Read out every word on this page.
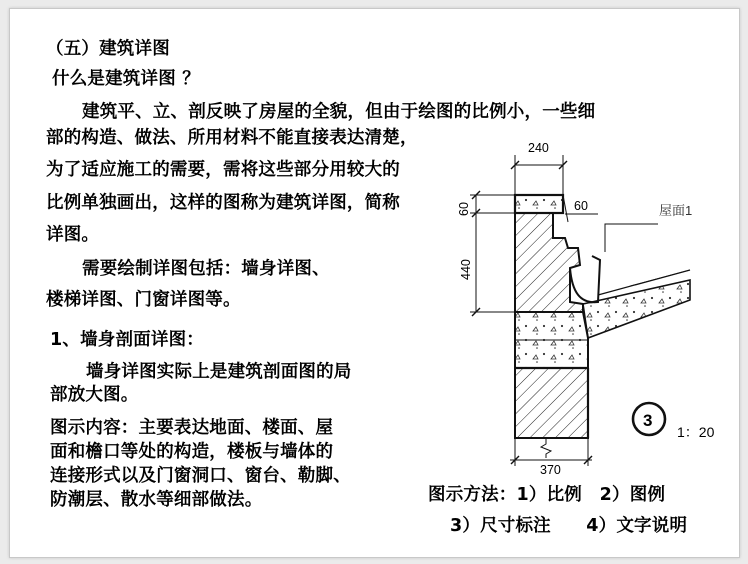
（五）建筑详图
什么是建筑详图 ？
建筑平、立、剖反映了房屋的全貌，但由于绘图的比例小，一些细
部的构造、做法、所用材料不能直接表达清楚，
为了适应施工的需要，需将这些部分用较大的
比例单独画出，这样的图称为建筑详图，简称
详图。
需要绘制详图包括：墙身详图、
楼梯详图、门窗详图等。
1、墙身剖面详图：
墙身详图实际上是建筑剖面图的局
部放大图。
图示内容：主要表达地面、楼面、屋
面和檐口等处的构造，楼板与墙体的
连接形式以及门窗洞口、窗台、勒脚、
防潮层、散水等细部做法。	图示方法：1）比例　2）图例
3）尺寸标注　　4）文字说明
240
60
60
440
370
屋面1
3
1：20
